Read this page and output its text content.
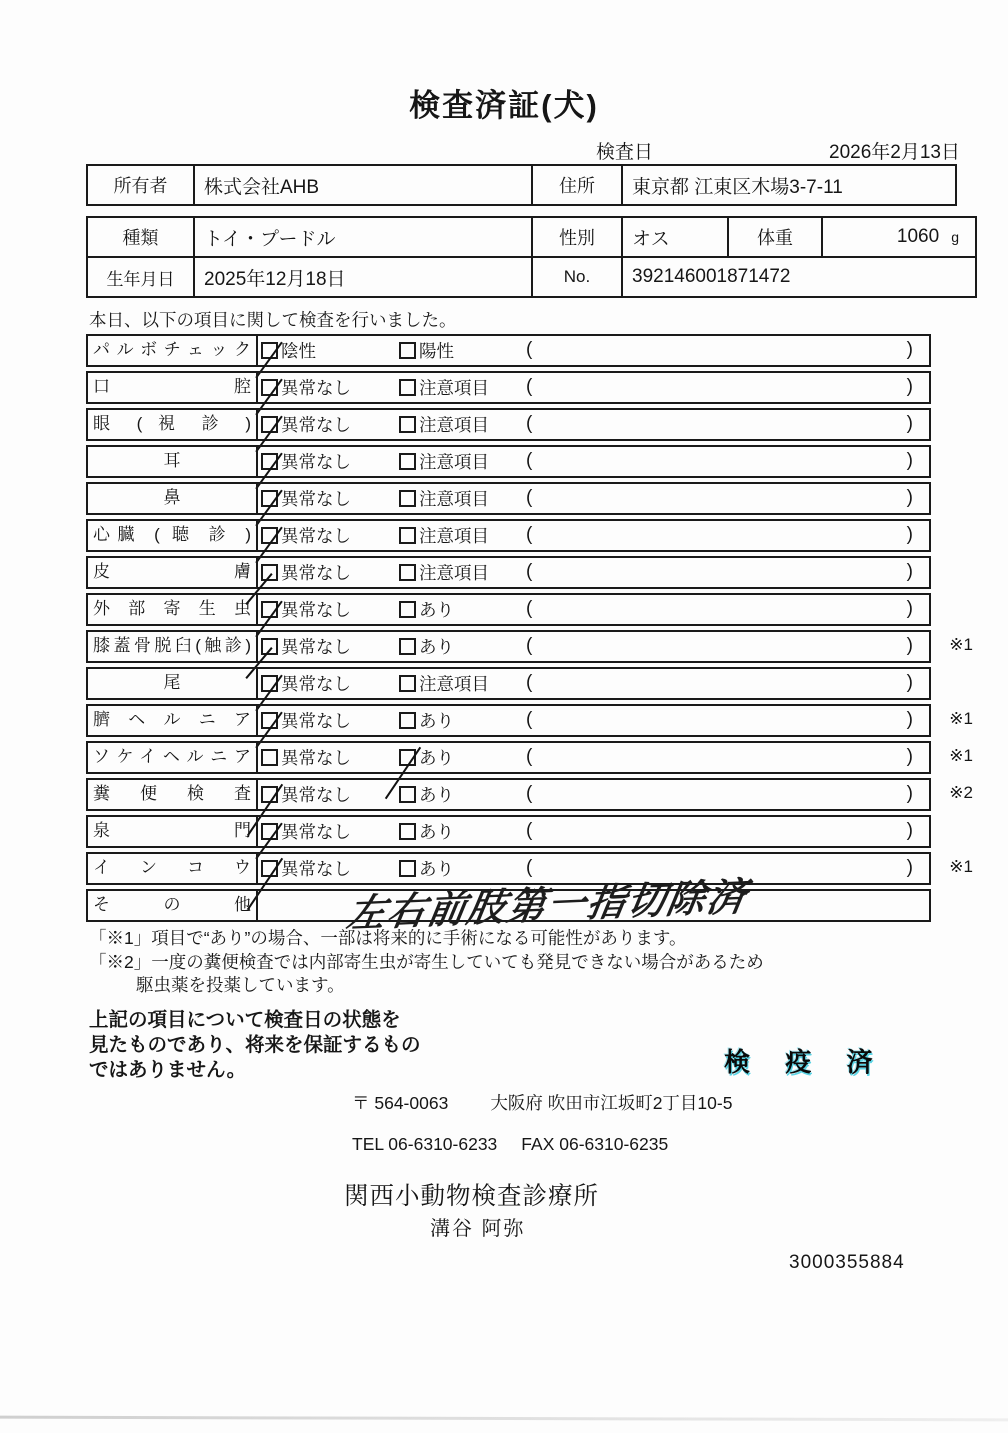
検査済証(犬)
検査日	2026年2月13日
所有者	株式会社AHB	住所	東京都 江東区木場3-7-11
種類	トイ・プードル	性別	オス	体重	1060 g
生年月日	2025年12月18日	No.	392146001871472		
本日、以下の項目に関して検査を行いました。
パルボチェック	陰性	陽性	(	)
口腔	異常なし	注意項目 (	)
眼 ( 視 診 )	異常なし	注意項目 (	)
耳	異常なし	注意項目 (	)
鼻	異常なし	注意項目 (	)
心臓 ( 聴 診 )	異常なし	注意項目 (	)
皮膚	異常なし	注意項目 (	)
外部寄生虫	異常なし	あり	(	)
膝蓋骨脱臼(触診)	異常なし	あり	(	) ※1
尾	異常なし	注意項目 (	)
臍ヘルニア	異常なし	あり	(	) ※1
ソケイヘルニア	異常なし	あり	(	) ※1
糞便検査	異常なし	あり	(	) ※2
泉門	異常なし	あり	(	)
インコウ	異常なし	あり	(	) ※1
その他 左右前肢第一指切除済
「※1」項目で“あり”の場合、一部は将来的に手術になる可能性があります。
「※2」一度の糞便検査では内部寄生虫が寄生していても発見できない場合があるため
駆虫薬を投薬しています。
上記の項目について検査日の状態を
見たものであり、将来を保証するもの
ではありません。	検 疫 済
〒 564-0063 大阪府 吹田市江坂町2丁目10-5
TEL 06-6310-6233 FAX 06-6310-6235
関西小動物検査診療所
溝谷 阿弥
3000355884
